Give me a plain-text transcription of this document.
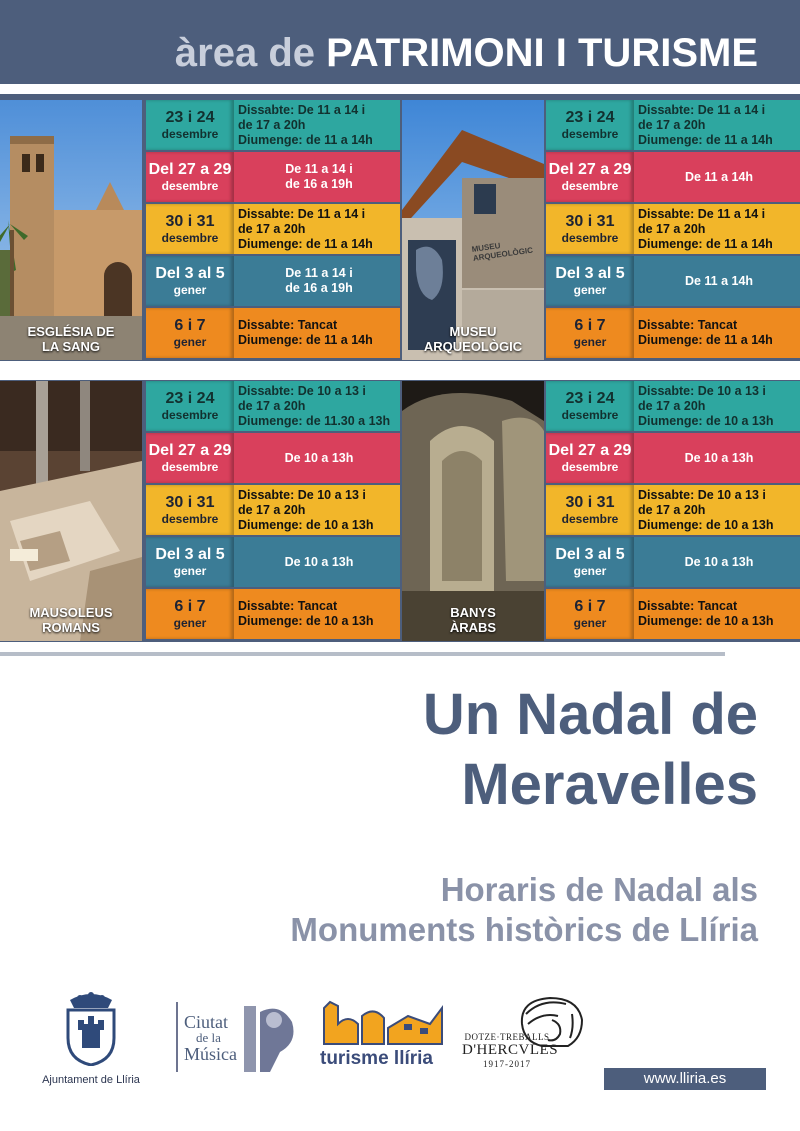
àrea de PATRIMONI I TURISME
ESGLÉSIA DE
LA SANG
23 i 24
desembre
Dissabte: De 11 a 14 i
de 17 a 20h
Diumenge: de 11 a 14h
Del 27 a 29
desembre
De 11 a 14 i
de 16 a 19h
30 i 31
desembre
Dissabte: De 11 a 14 i
de 17 a 20h
Diumenge: de 11 a 14h
Del 3 al 5
gener
De 11 a 14 i
de 16 a 19h
6 i 7
gener
Dissabte: Tancat
Diumenge: de 11 a 14h
MUSEU ARQUEOLÒGIC
MUSEU
ARQUEOLÒGIC
23 i 24
desembre
Dissabte: De 11 a 14 i
de 17 a 20h
Diumenge: de 11 a 14h
Del 27 a 29
desembre
De 11 a 14h
30 i 31
desembre
Dissabte: De 11 a 14 i
de 17 a 20h
Diumenge: de 11 a 14h
Del 3 al 5
gener
De 11 a 14h
6 i 7
gener
Dissabte: Tancat
Diumenge: de 11 a 14h
MAUSOLEUS
ROMANS
23 i 24
desembre
Dissabte: De 10 a 13 i
de 17 a 20h
Diumenge: de 11.30 a 13h
Del 27 a 29
desembre
De 10 a 13h
30 i 31
desembre
Dissabte: De 10 a 13 i
de 17 a 20h
Diumenge: de 10 a 13h
Del 3 al 5
gener
De 10 a 13h
6 i 7
gener
Dissabte: Tancat
Diumenge: de 10 a 13h
BANYS
ÀRABS
23 i 24
desembre
Dissabte: De 10 a 13 i
de 17 a 20h
Diumenge: de 10 a 13h
Del 27 a 29
desembre
De 10 a 13h
30 i 31
desembre
Dissabte: De 10 a 13 i
de 17 a 20h
Diumenge: de 10 a 13h
Del 3 al 5
gener
De 10 a 13h
6 i 7
gener
Dissabte: Tancat
Diumenge: de 10 a 13h
Un Nadal de
Meravelles
Horaris de Nadal als
Monuments històrics de Llíria
Ajuntament de Llíria
Ciutat
de la
Música	turisme llíria
DOTZE·TREBALLS
D'HERCVLES
1917-2017
www.lliria.es
